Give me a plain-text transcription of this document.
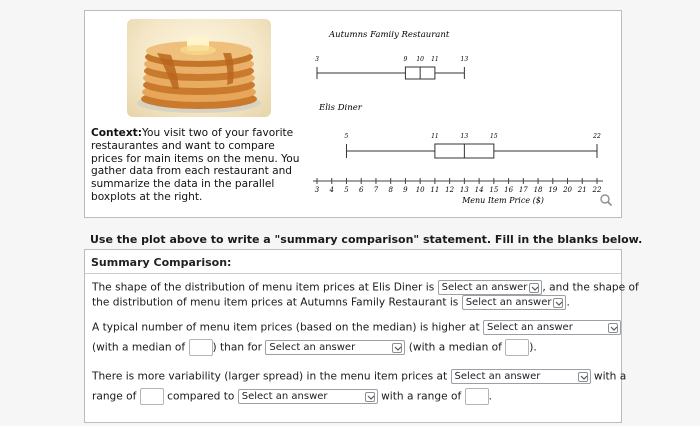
Context:You visit two of your favorite restaurantes and want to compare prices for main items on the menu. You gather data from each restaurant and summarize the data in the parallel boxplots at the right.
Autumns Family Restaurant
Elis Diner
3	9 10 11	13
5	11	13	15	22
3 4 5 6 7 8 9 10 11 12 13 14 15 16 17 18 19 20 21 22
Menu Item Price ($)
Use the plot above to write a "summary comparison" statement. Fill in the blanks below.
Summary Comparison:
The shape of the distribution of menu item prices at Elis Diner is Select an answer , and the shape of
the distribution of menu item prices at Autumns Family Restaurant is Select an answer .
A typical number of menu item prices (based on the median) is higher at Select an answer
(with a median of	) than for Select an answer	(with a median of	).
There is more variability (larger spread) in the menu item prices at Select an answer	with a
range of	compared to Select an answer	with a range of	.
